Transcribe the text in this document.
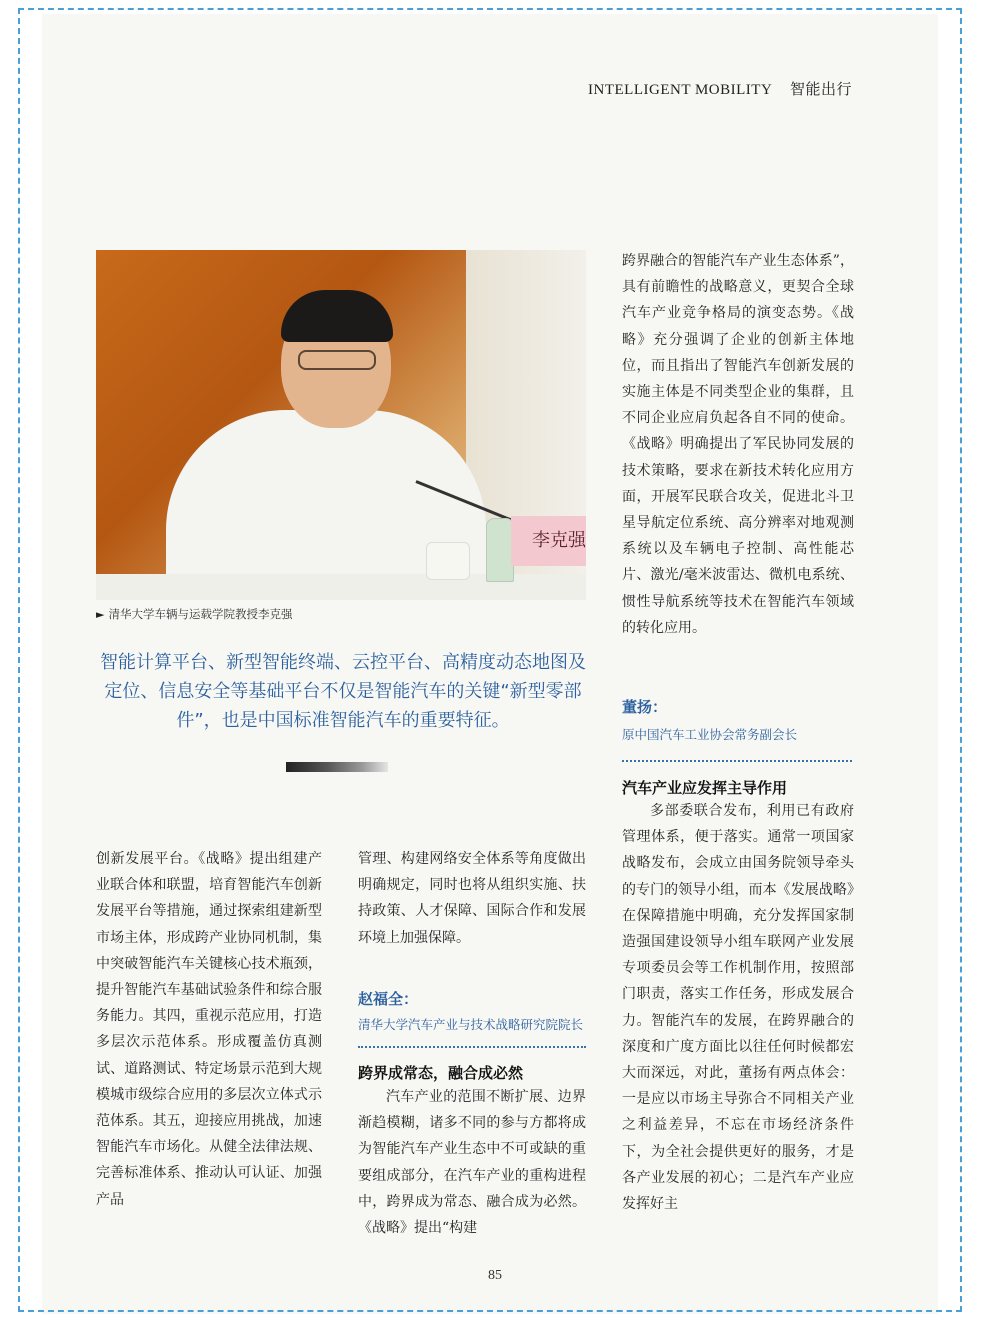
INTELLIGENT MOBILITY 智能出行
李克强
► 清华大学车辆与运载学院教授李克强
智能计算平台、新型智能终端、云控平台、高精度动态地图及定位、信息安全等基础平台不仅是智能汽车的关键“新型零部件”，也是中国标准智能汽车的重要特征。

跨界融合的智能汽车产业生态体系”，具有前瞻性的战略意义，更契合全球汽车产业竞争格局的演变态势。《战略》充分强调了企业的创新主体地位，而且指出了智能汽车创新发展的实施主体是不同类型企业的集群，且不同企业应肩负起各自不同的使命。《战略》明确提出了军民协同发展的技术策略，要求在新技术转化应用方面，开展军民联合攻关，促进北斗卫星导航定位系统、高分辨率对地观测系统以及车辆电子控制、高性能芯片、激光/毫米波雷达、微机电系统、惯性导航系统等技术在智能汽车领域的转化应用。

董扬：
原中国汽车工业协会常务副会长
汽车产业应发挥主导作用
多部委联合发布，利用已有政府管理体系，便于落实。通常一项国家战略发布，会成立由国务院领导牵头的专门的领导小组，而本《发展战略》在保障措施中明确，充分发挥国家制造强国建设领导小组车联网产业发展专项委员会等工作机制作用，按照部门职责，落实工作任务，形成发展合力。智能汽车的发展，在跨界融合的深度和广度方面比以往任何时候都宏大而深远，对此，董扬有两点体会：一是应以市场主导弥合不同相关产业之利益差异，不忘在市场经济条件下，为全社会提供更好的服务，才是各产业发展的初心；二是汽车产业应发挥好主

创新发展平台。《战略》提出组建产业联合体和联盟，培育智能汽车创新发展平台等措施，通过探索组建新型市场主体，形成跨产业协同机制，集中突破智能汽车关键核心技术瓶颈，提升智能汽车基础试验条件和综合服务能力。其四，重视示范应用，打造多层次示范体系。形成覆盖仿真测试、道路测试、特定场景示范到大规模城市级综合应用的多层次立体式示范体系。其五，迎接应用挑战，加速智能汽车市场化。从健全法律法规、完善标准体系、推动认可认证、加强产品

管理、构建网络安全体系等角度做出明确规定，同时也将从组织实施、扶持政策、人才保障、国际合作和发展环境上加强保障。

赵福全：
清华大学汽车产业与技术战略研究院院长
跨界成常态，融合成必然
汽车产业的范围不断扩展、边界渐趋模糊，诸多不同的参与方都将成为智能汽车产业生态中不可或缺的重要组成部分，在汽车产业的重构进程中，跨界成为常态、融合成为必然。《战略》提出“构建
85
